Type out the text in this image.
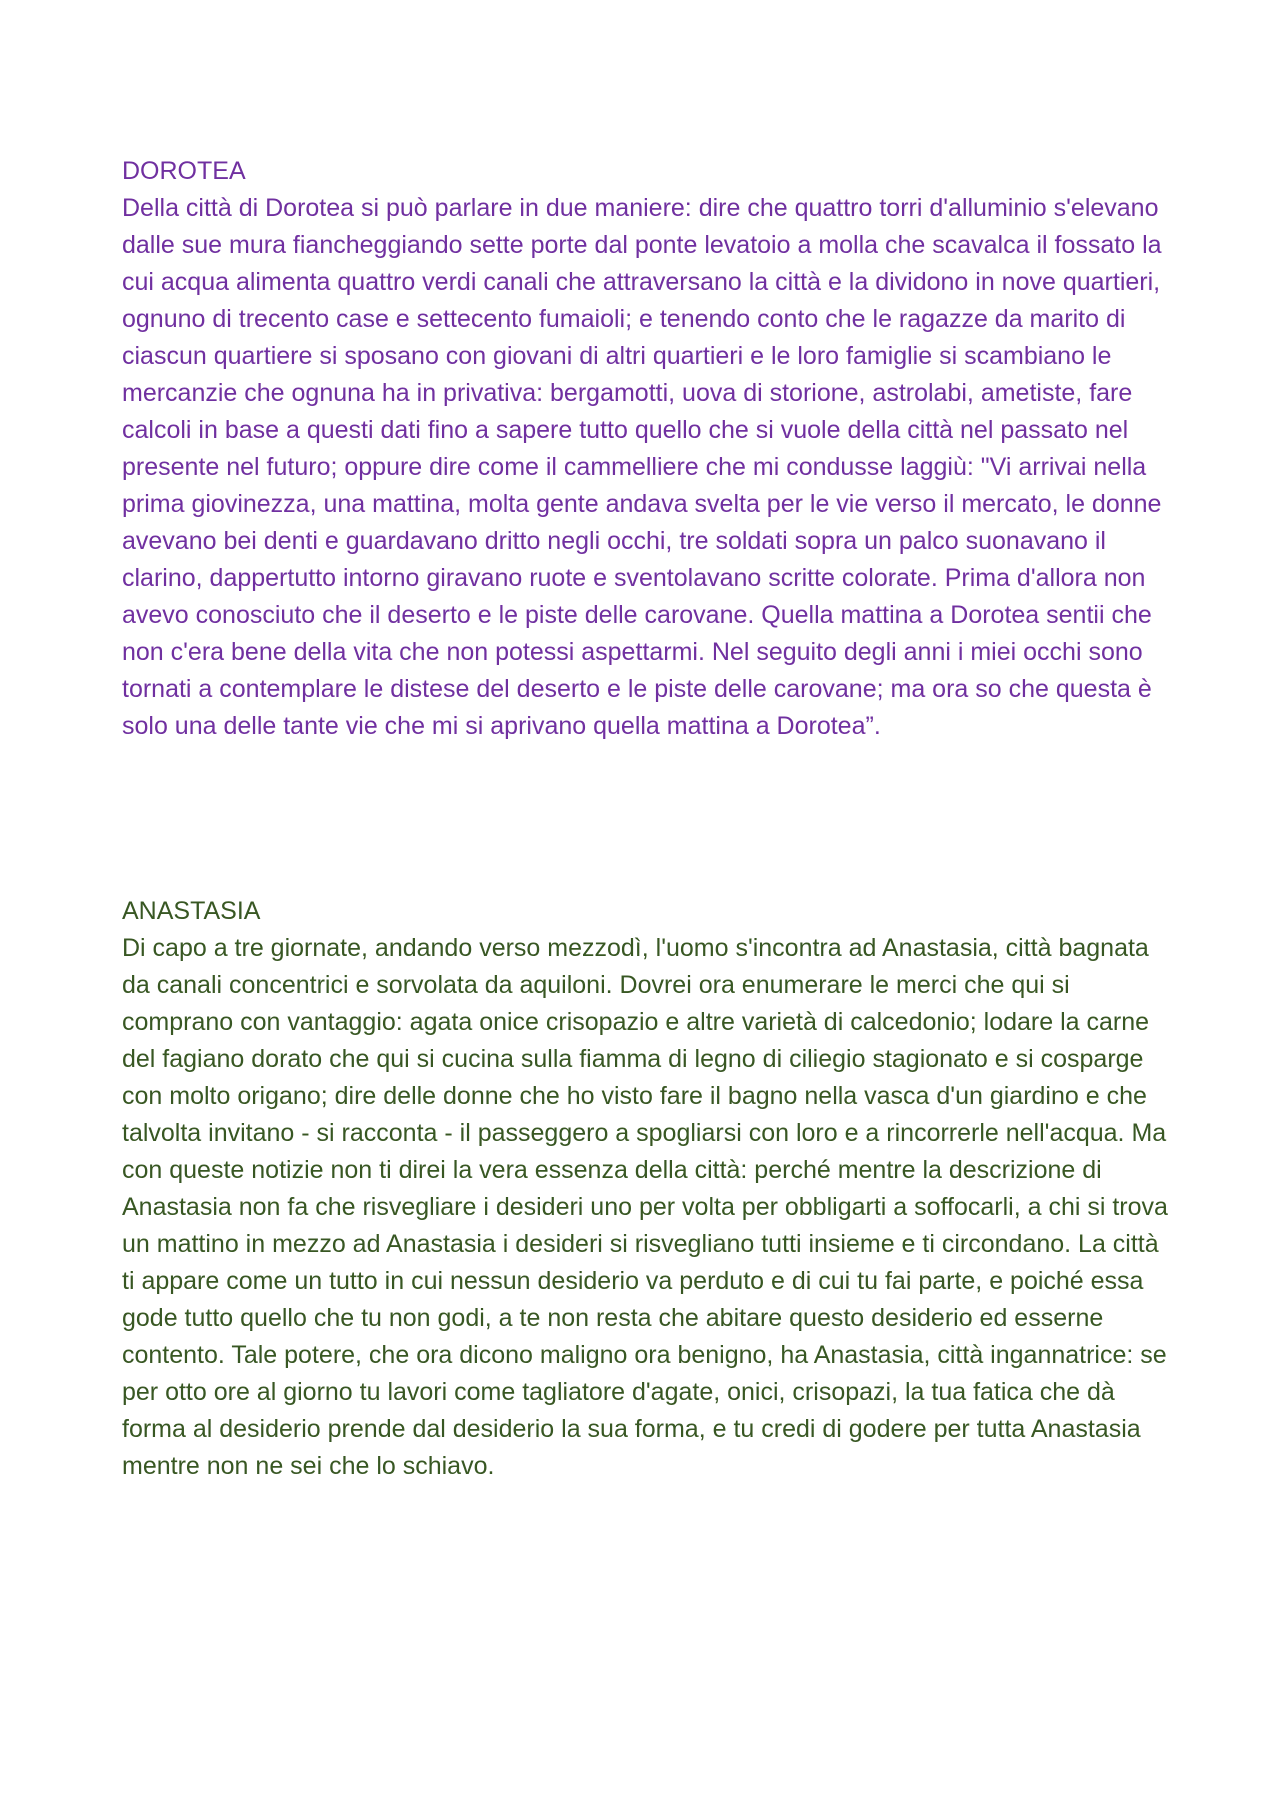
DOROTEA

Della città di Dorotea si può parlare in due maniere: dire che quattro torri d'alluminio s'elevano dalle sue mura fiancheggiando sette porte dal ponte levatoio a molla che scavalca il fossato la cui acqua alimenta quattro verdi canali che attraversano la città e la dividono in nove quartieri, ognuno di trecento case e settecento fumaioli; e tenendo conto che le ragazze da marito di ciascun quartiere si sposano con giovani di altri quartieri e le loro famiglie si scambiano le mercanzie che ognuna ha in privativa: bergamotti, uova di storione, astrolabi, ametiste, fare calcoli in base a questi dati fino a sapere tutto quello che si vuole della città nel passato nel presente nel futuro; oppure dire come il cammelliere che mi condusse laggiù: "Vi arrivai nella prima giovinezza, una mattina, molta gente andava svelta per le vie verso il mercato, le donne avevano bei denti e guardavano dritto negli occhi, tre soldati sopra un palco suonavano il clarino, dappertutto intorno giravano ruote e sventolavano scritte colorate. Prima d'allora non avevo conosciuto che il deserto e le piste delle carovane. Quella mattina a Dorotea sentii che non c'era bene della vita che non potessi aspettarmi. Nel seguito degli anni i miei occhi sono tornati a contemplare le distese del deserto e le piste delle carovane; ma ora so che questa è solo una delle tante vie che mi si aprivano quella mattina a Dorotea”.

ANASTASIA

Di capo a tre giornate, andando verso mezzodì, l'uomo s'incontra ad Anastasia, città bagnata da canali concentrici e sorvolata da aquiloni. Dovrei ora enumerare le merci che qui si comprano con vantaggio: agata onice crisopazio e altre varietà di calcedonio; lodare la carne del fagiano dorato che qui si cucina sulla fiamma di legno di ciliegio stagionato e si cosparge con molto origano; dire delle donne che ho visto fare il bagno nella vasca d'un giardino e che talvolta invitano - si racconta - il passeggero a spogliarsi con loro e a rincorrerle nell'acqua. Ma con queste notizie non ti direi la vera essenza della città: perché mentre la descrizione di Anastasia non fa che risvegliare i desideri uno per volta per obbligarti a soffocarli, a chi si trova un mattino in mezzo ad Anastasia i desideri si risvegliano tutti insieme e ti circondano. La città ti appare come un tutto in cui nessun desiderio va perduto e di cui tu fai parte, e poiché essa gode tutto quello che tu non godi, a te non resta che abitare questo desiderio ed esserne contento. Tale potere, che ora dicono maligno ora benigno, ha Anastasia, città ingannatrice: se per otto ore al giorno tu lavori come tagliatore d'agate, onici, crisopazi, la tua fatica che dà forma al desiderio prende dal desiderio la sua forma, e tu credi di godere per tutta Anastasia mentre non ne sei che lo schiavo.
